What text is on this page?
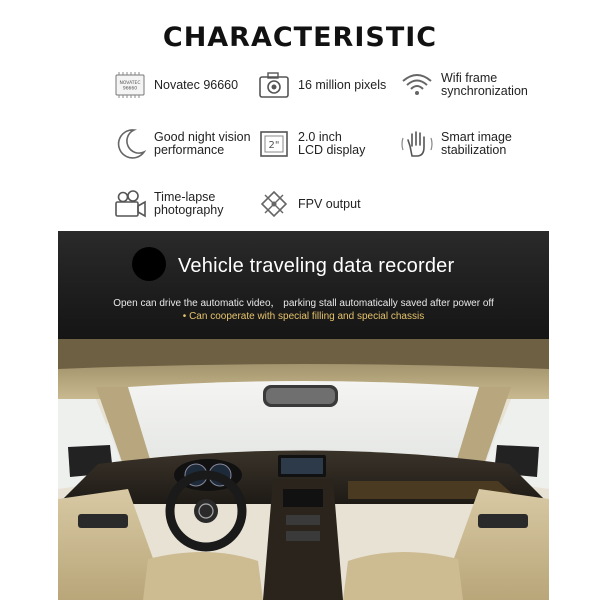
CHARACTERISTIC
NOVATEC 96660 Novatec 96660	16 million pixels	Wifi frame
synchronization
Good night vision
performance	2"
2.0 inch
LCD display
Smart image
stabilization
Time-lapse
photography	FPV output
Vehicle traveling data recorder
Open can drive the automatic video， parking stall automatically saved after power off
• Can cooperate with special filling and special chassis
